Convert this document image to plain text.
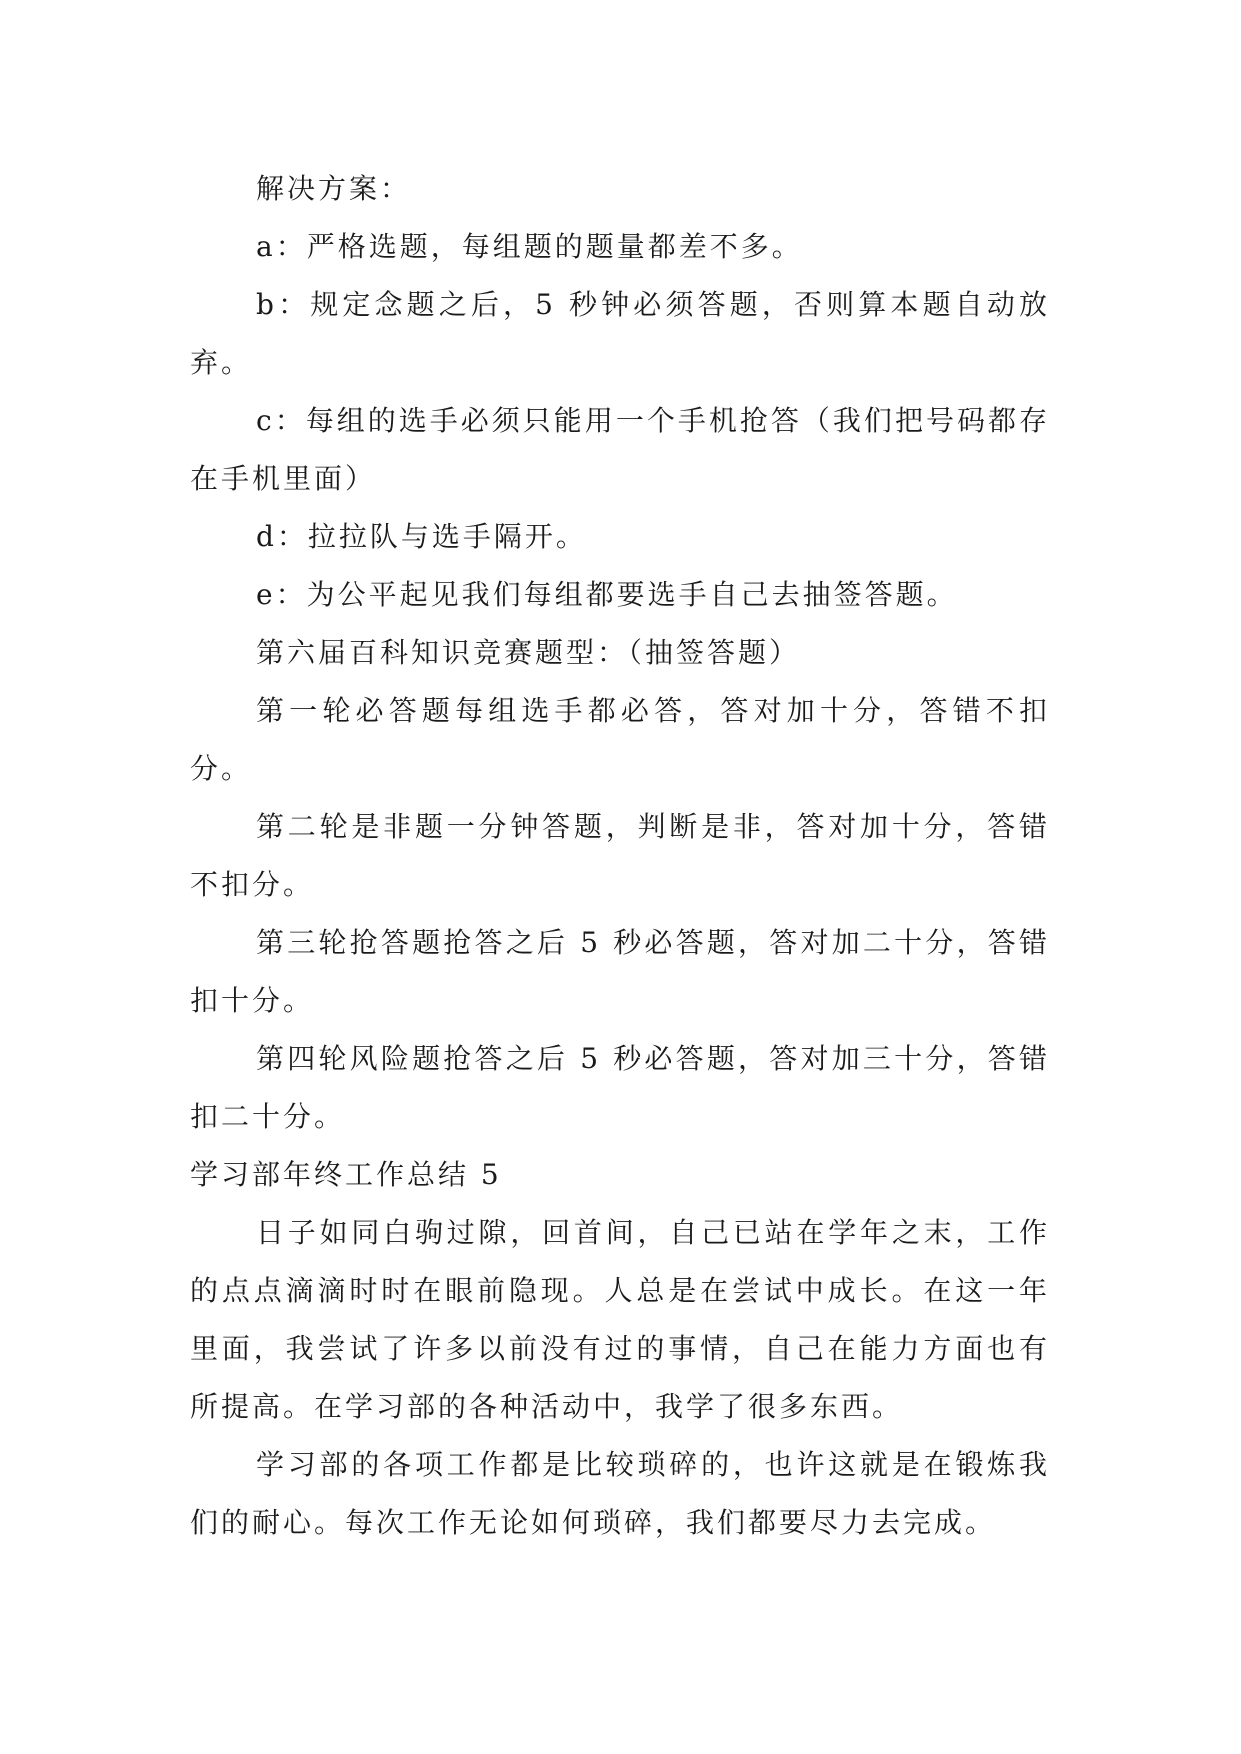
解决方案：

a：严格选题，每组题的题量都差不多。

b：规定念题之后，5 秒钟必须答题，否则算本题自动放弃。

c：每组的选手必须只能用一个手机抢答（我们把号码都存在手机里面）

d：拉拉队与选手隔开。

e：为公平起见我们每组都要选手自己去抽签答题。

第六届百科知识竞赛题型：（抽签答题）

第一轮必答题每组选手都必答，答对加十分，答错不扣分。

第二轮是非题一分钟答题，判断是非，答对加十分，答错不扣分。

第三轮抢答题抢答之后 5 秒必答题，答对加二十分，答错扣十分。

第四轮风险题抢答之后 5 秒必答题，答对加三十分，答错扣二十分。

学习部年终工作总结 5

日子如同白驹过隙，回首间，自己已站在学年之末，工作的点点滴滴时时在眼前隐现。人总是在尝试中成长。在这一年里面，我尝试了许多以前没有过的事情，自己在能力方面也有所提高。在学习部的各种活动中，我学了很多东西。

学习部的各项工作都是比较琐碎的，也许这就是在锻炼我们的耐心。每次工作无论如何琐碎，我们都要尽力去完成。
